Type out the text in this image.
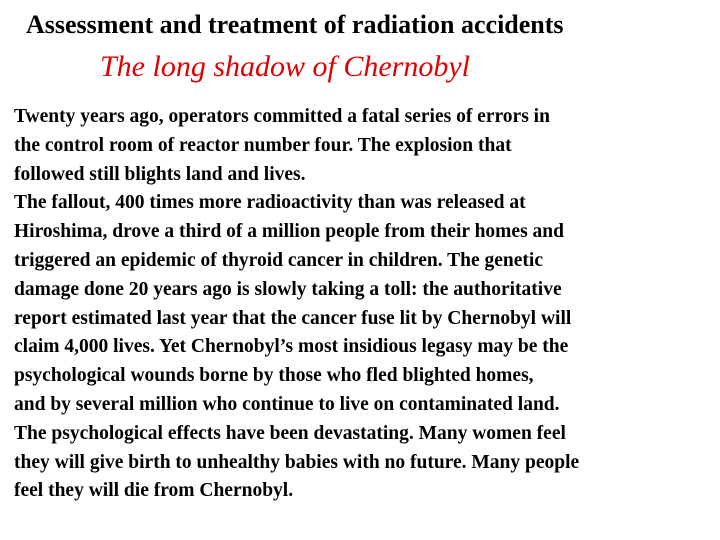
Assessment and treatment of radiation accidents
The long shadow of Chernobyl
Twenty years ago, operators committed a fatal series of errors in
the control room of reactor number four. The explosion that
followed still blights land and lives.
The fallout, 400 times more radioactivity than was released at
Hiroshima, drove a third of a million people from their homes and
triggered an epidemic of thyroid cancer in children. The genetic
damage done 20 years ago is slowly taking a toll: the authoritative
report estimated last year that the cancer fuse lit by Chernobyl will
claim 4,000 lives. Yet Chernobyl’s most insidious legasy may be the
psychological wounds borne by those who fled blighted homes,
and by several million who continue to live on contaminated land.
The psychological effects have been devastating. Many women feel
they will give birth to unhealthy babies with no future. Many people
feel they will die from Chernobyl.
